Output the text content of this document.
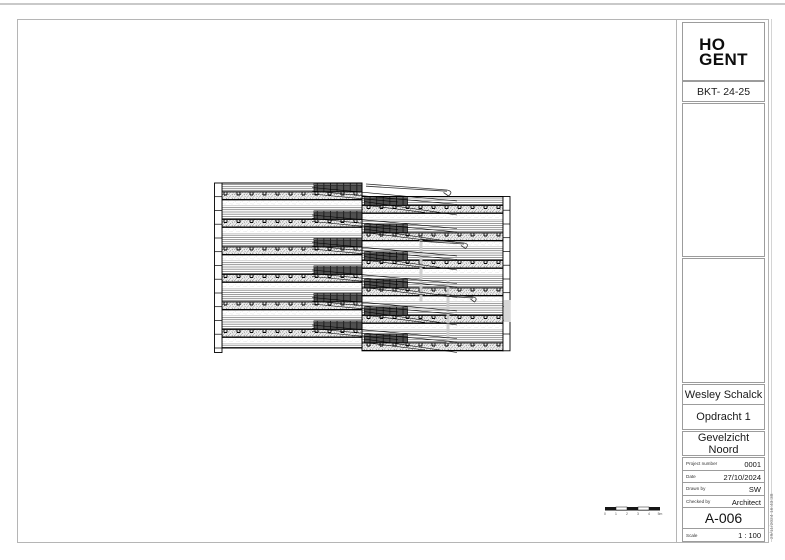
0	1	2	3	4 5m
HO
GENT
BKT- 24-25
Wesley Schalck
Opdracht 1
Gevelzicht Noord
Project number	0001
Date	27/10/2024
Drawn by	SW
Checked by	Architect
A-006
Scale	1 : 100 29/11/2024 16:43:38
